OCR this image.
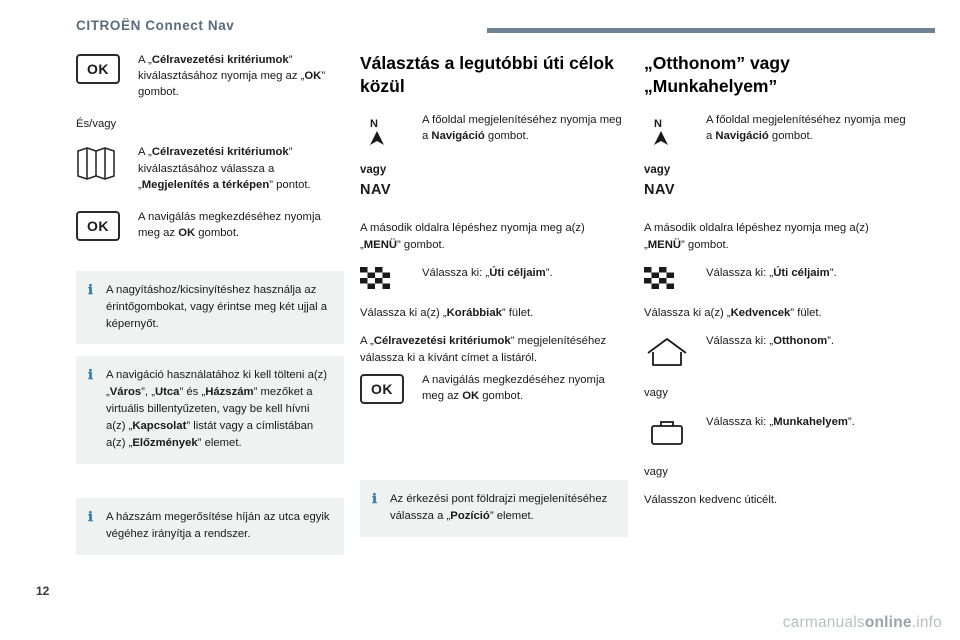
CITROËN Connect Nav
OK
A „Célravezetési kritériumok” kiválasztásához nyomja meg az „OK” gombot.

És/vagy

A „Célravezetési kritériumok” kiválasztásához válassza a „Megjelenítés a térképen” pontot.
OK
A navigálás megkezdéséhez nyomja meg az OK gombot.
ℹ	A nagyításhoz/kicsinyítéshez használja az érintőgombokat, vagy érintse meg két ujjal a képernyőt.
ℹ	A navigáció használatához ki kell tölteni a(z) „Város”, „Utca” és „Házszám” mezőket a virtuális billentyűzeten, vagy be kell hívni a(z) „Kapcsolat” listát vagy a címlistában a(z) „Előzmények” elemet.
ℹ	A házszám megerősítése híján az utca egyik végéhez irányítja a rendszer.
Választás a legutóbbi úti célok közül
N	A főoldal megjelenítéséhez nyomja meg a Navigáció gombot.
vagy
NAV

A második oldalra lépéshez nyomja meg a(z) „MENÜ” gombot.

Válassza ki: „Úti céljaim”.

Válassza ki a(z) „Korábbiak” fület.

A „Célravezetési kritériumok” megjelenítéséhez válassza ki a kívánt címet a listáról.

OK
A navigálás megkezdéséhez nyomja meg az OK gombot.
ℹ	Az érkezési pont földrajzi megjelenítéséhez válassza a „Pozíció” elemet.
„Otthonom” vagy „Munkahelyem”
N	A főoldal megjelenítéséhez nyomja meg a Navigáció gombot.
vagy
NAV

A második oldalra lépéshez nyomja meg a(z) „MENÜ” gombot.

Válassza ki: „Úti céljaim”.

Válassza ki a(z) „Kedvencek” fület.

Válassza ki: „Otthonom”.

vagy

Válassza ki: „Munkahelyem”.

vagy

Válasszon kedvenc úticélt.

12
carmanualsonline.info
